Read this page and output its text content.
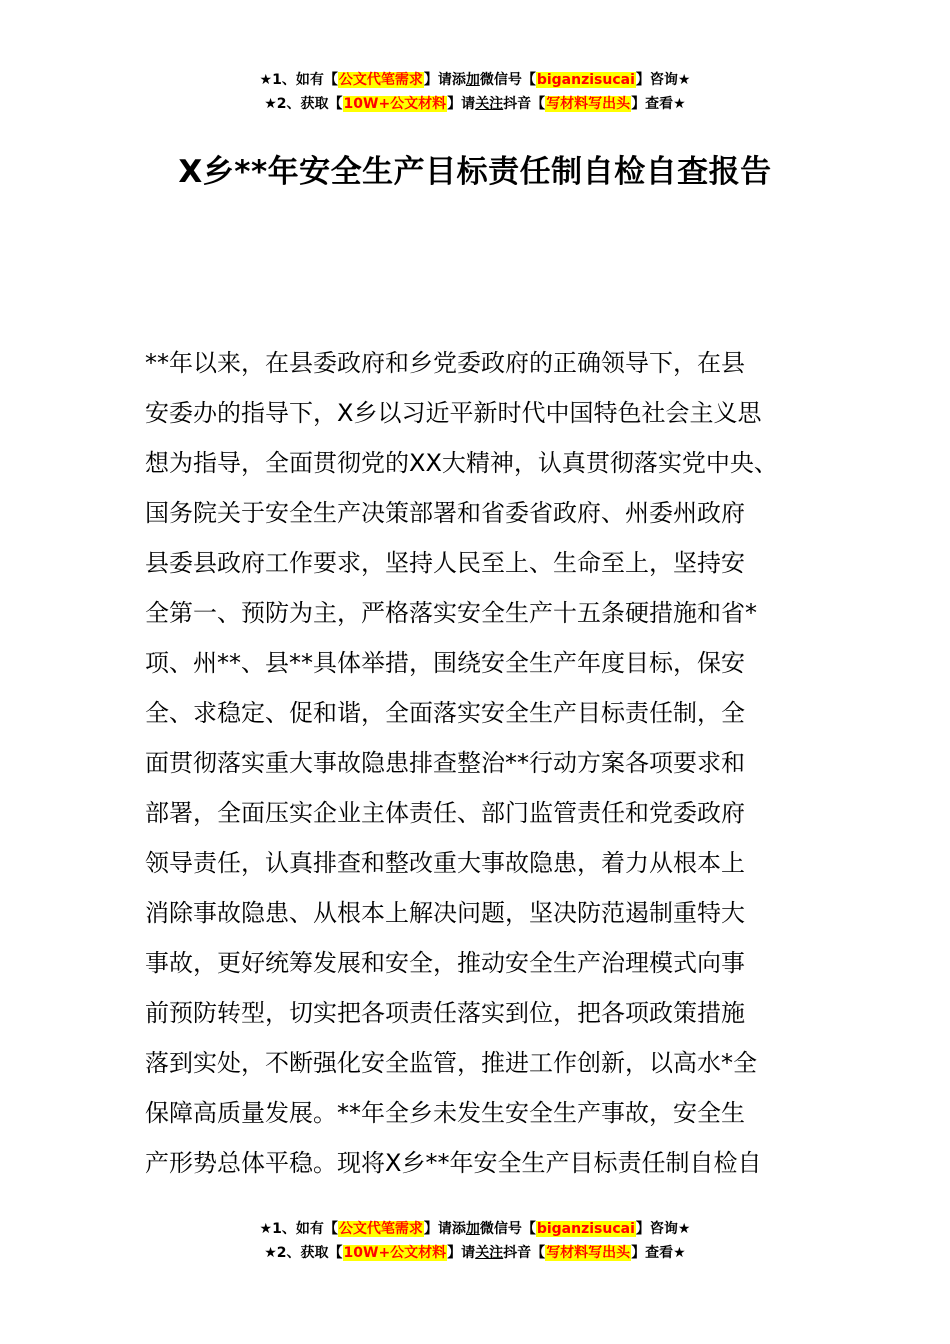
★1、如有【公文代笔需求】请添加微信号【biganzisucai】咨询★
★2、获取【10W+公文材料】请关注抖音【写材料写出头】查看★
X乡**年安全生产目标责任制自检自查报告
**年以来，在县委政府和乡党委政府的正确领导下，在县
安委办的指导下，X乡以习近平新时代中国特色社会主义思
想为指导，全面贯彻党的XX大精神，认真贯彻落实党中央、
国务院关于安全生产决策部署和省委省政府、州委州政府
县委县政府工作要求，坚持人民至上、生命至上，坚持安
全第一、预防为主，严格落实安全生产十五条硬措施和省*
项、州**、县**具体举措，围绕安全生产年度目标，保安
全、求稳定、促和谐，全面落实安全生产目标责任制，全
面贯彻落实重大事故隐患排查整治**行动方案各项要求和
部署，全面压实企业主体责任、部门监管责任和党委政府
领导责任，认真排查和整改重大事故隐患，着力从根本上
消除事故隐患、从根本上解决问题，坚决防范遏制重特大
事故，更好统筹发展和安全，推动安全生产治理模式向事
前预防转型，切实把各项责任落实到位，把各项政策措施
落到实处，不断强化安全监管，推进工作创新，以高水*全
保障高质量发展。**年全乡未发生安全生产事故，安全生
产形势总体平稳。现将X乡**年安全生产目标责任制自检自
★1、如有【公文代笔需求】请添加微信号【biganzisucai】咨询★
★2、获取【10W+公文材料】请关注抖音【写材料写出头】查看★
